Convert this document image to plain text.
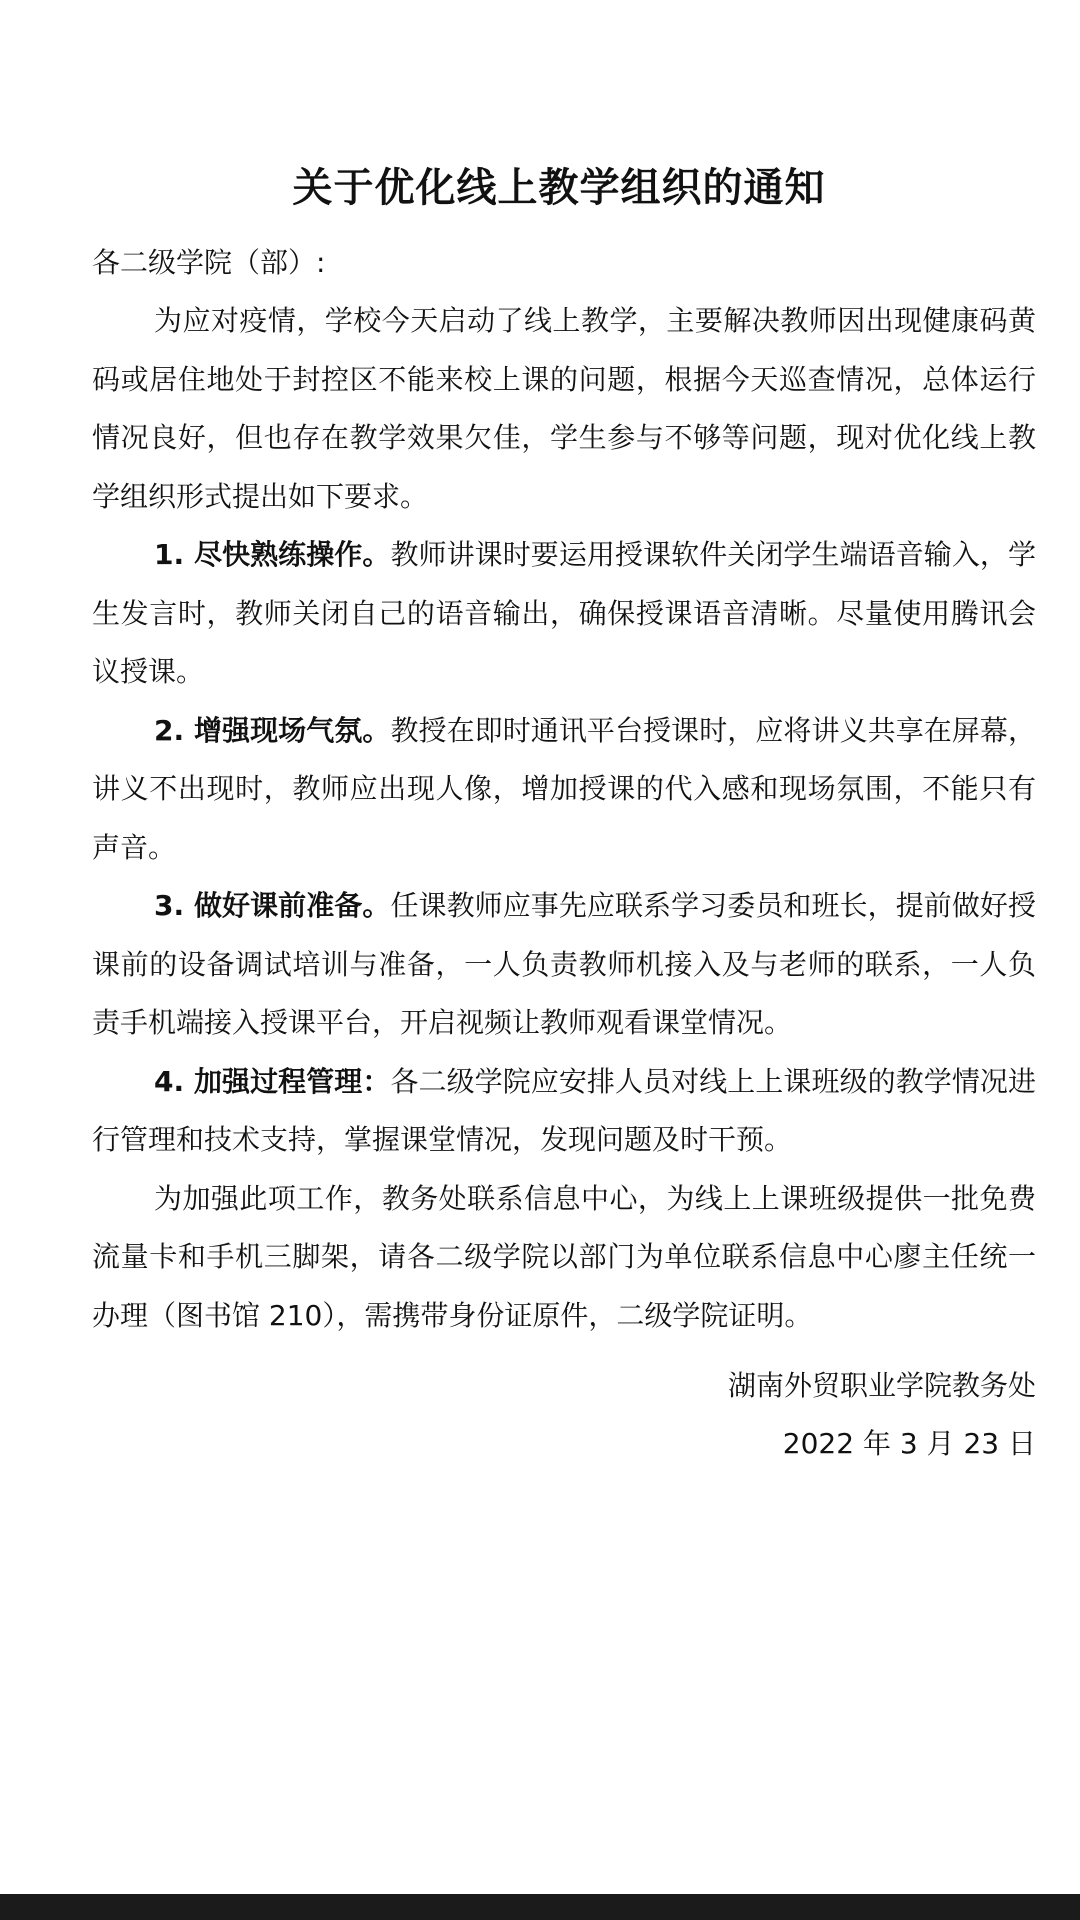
关于优化线上教学组织的通知

各二级学院（部）:

为应对疫情，学校今天启动了线上教学，主要解决教师因出现健康码黄码或居住地处于封控区不能来校上课的问题，根据今天巡查情况，总体运行情况良好，但也存在教学效果欠佳，学生参与不够等问题，现对优化线上教学组织形式提出如下要求。

1. 尽快熟练操作。教师讲课时要运用授课软件关闭学生端语音输入，学生发言时，教师关闭自己的语音输出，确保授课语音清晰。尽量使用腾讯会议授课。

2. 增强现场气氛。教授在即时通讯平台授课时，应将讲义共享在屏幕，讲义不出现时，教师应出现人像，增加授课的代入感和现场氛围，不能只有声音。

3. 做好课前准备。任课教师应事先应联系学习委员和班长，提前做好授课前的设备调试培训与准备，一人负责教师机接入及与老师的联系，一人负责手机端接入授课平台，开启视频让教师观看课堂情况。

4. 加强过程管理：各二级学院应安排人员对线上上课班级的教学情况进行管理和技术支持，掌握课堂情况，发现问题及时干预。

为加强此项工作，教务处联系信息中心，为线上上课班级提供一批免费流量卡和手机三脚架，请各二级学院以部门为单位联系信息中心廖主任统一办理（图书馆 210），需携带身份证原件，二级学院证明。

湖南外贸职业学院教务处

2022 年 3 月 23 日
